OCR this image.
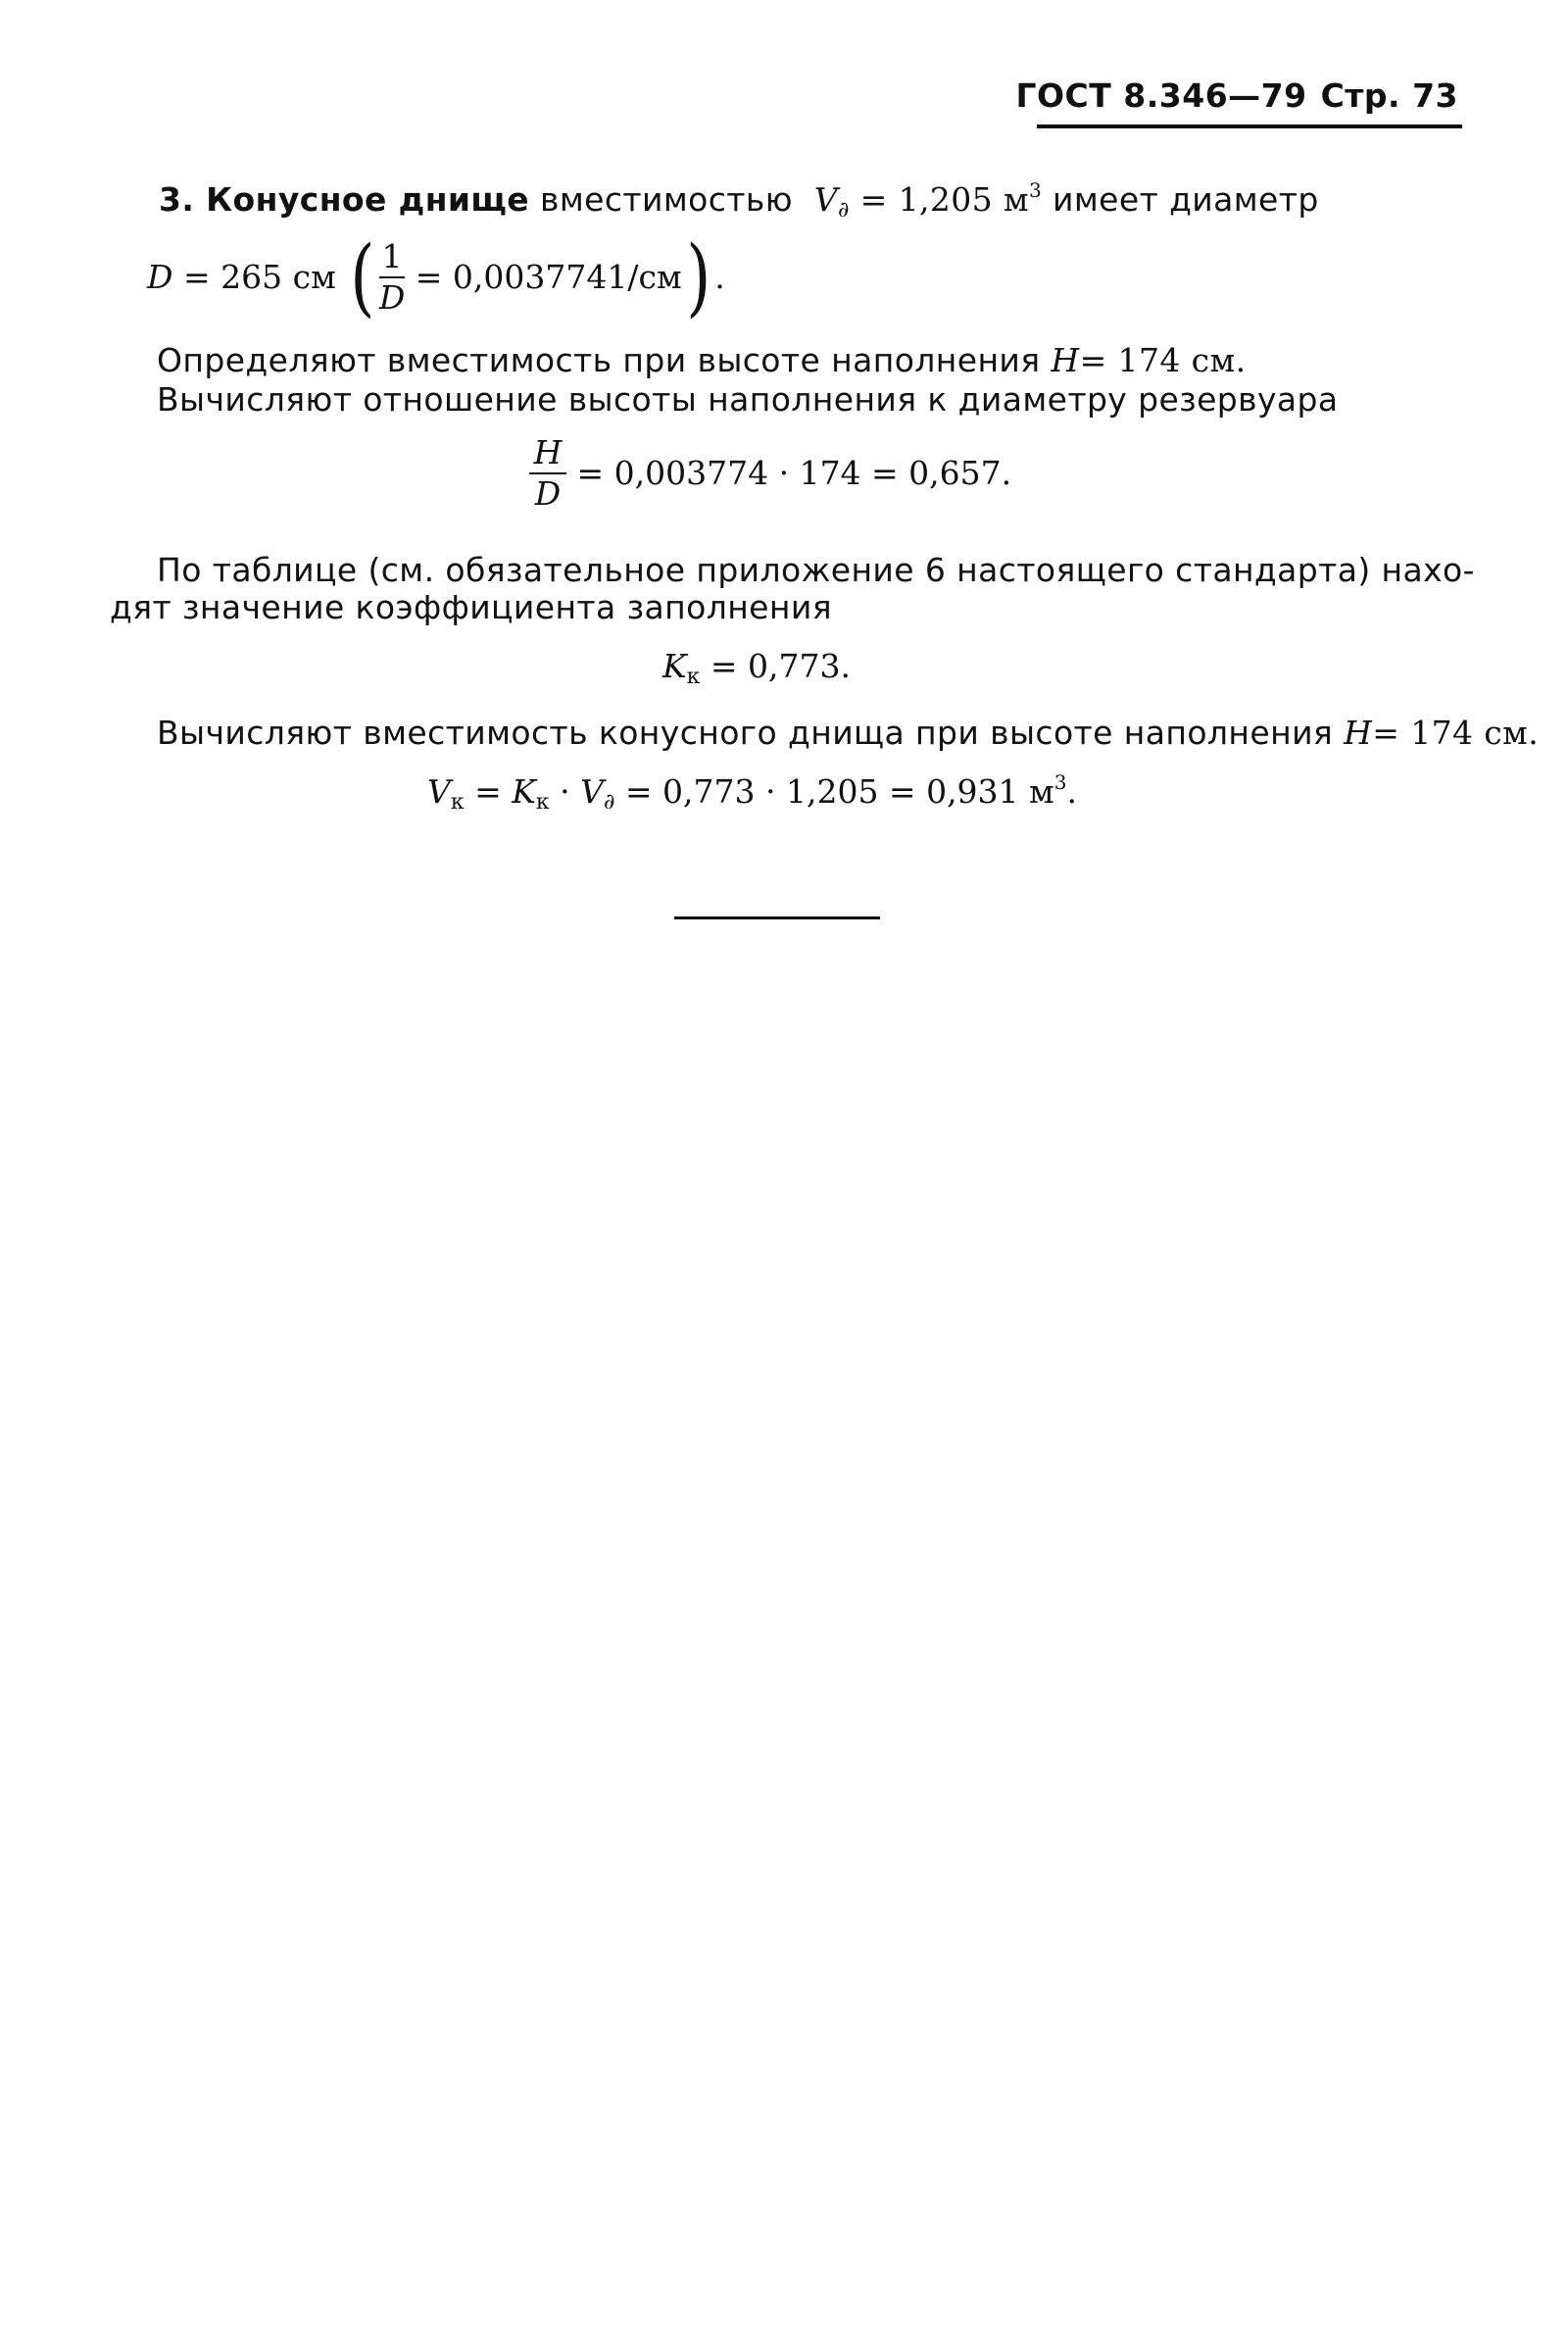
ГОСТ 8.346—79 Стр. 73
3. Конусное днище вместимостью $V_\partial = 1,205$ $м^3$ имеет диаметр
D = 265 см ( $\frac{1}{D} = 0,0037741/см$) .
Определяют вместимость при высоте наполнения H= 174 см.
Вычисляют отношение высоты наполнения к диаметру резервуара
$\frac{H}{D} = 0,003774 \cdot 174 = 0,657$.
По таблице (см. обязательное приложение 6 настоящего стандарта) нахо-
дят значение коэффициента заполнения
$K_к = 0,773$.
Вычисляют вместимость конусного днища при высоте наполнения H= 174 см.
$V_к = K_к \cdot V_\partial = 0,773 \cdot 1,205 = 0,931$ $м^3$.
